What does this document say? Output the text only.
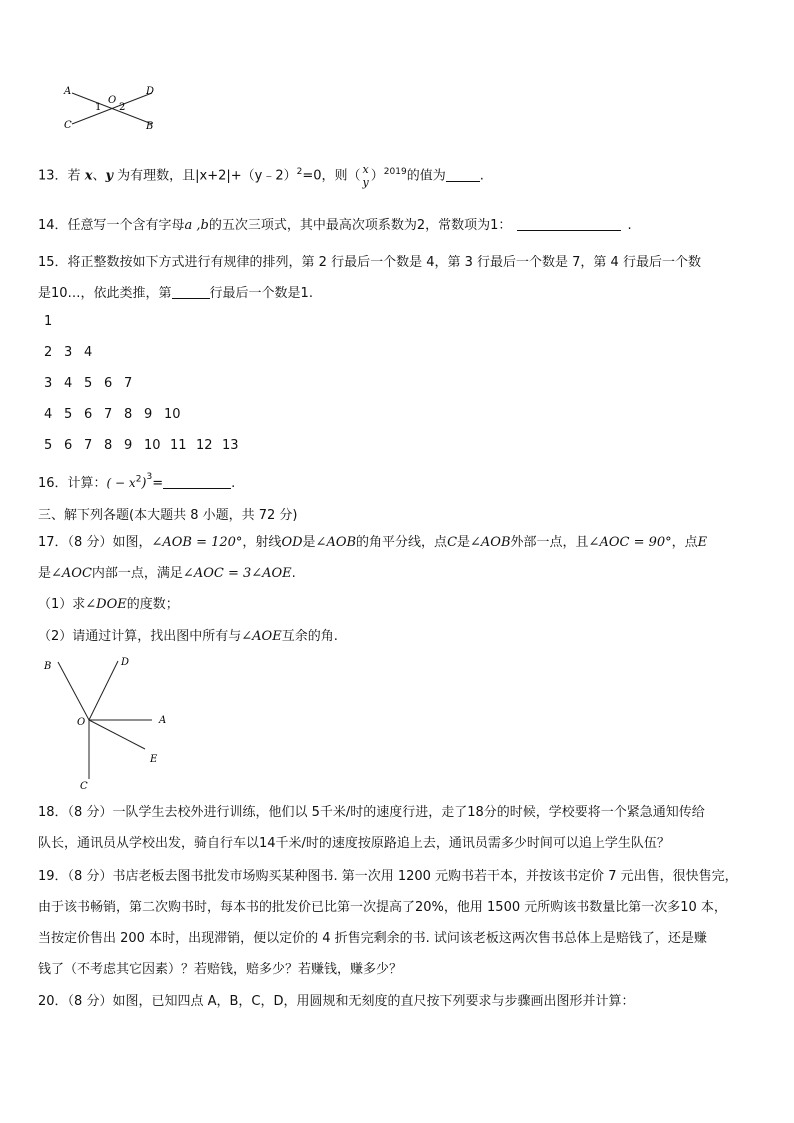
A	D
C	B
O
1 2
13．若 x、y 为有理数，且|x+2|+（y﹣2）$^2$=0，则（ x
y ）$^{2019}$的值为	.
14．任意写一个含有字母a ,b的五次三项式，其中最高次项系数为2，常数项为1：	.
15．将正整数按如下方式进行有规律的排列，第 2 行最后一个数是 4，第 3 行最后一个数是 7，第 4 行最后一个数
是10…，依此类推，第	行最后一个数是1.
1
2 3 4
3 4 5 6 7
4 5 6 7 8 9 10
5 6 7 8 9 10 11 12 13
16．计算：( − $x^2)^3=$	.
三、解下列各题(本大题共 8 小题，共 72 分)
17．（8 分）如图，∠AOB = 120°，射线OD是∠AOB的角平分线，点C是∠AOB外部一点，且∠AOC = 90°，点E
是∠AOC内部一点，满足∠AOC = 3∠AOE.
（1）求∠DOE的度数；
（2）请通过计算，找出图中所有与∠AOE互余的角.
B	D
O	A
E
C
18．（8 分）一队学生去校外进行训练，他们以 5千米/时的速度行进，走了18分的时候，学校要将一个紧急通知传给
队长，通讯员从学校出发，骑自行车以14千米/时的速度按原路追上去，通讯员需多少时间可以追上学生队伍？
19．（8 分）书店老板去图书批发市场购买某种图书. 第一次用 1200 元购书若干本，并按该书定价 7 元出售，很快售完，
由于该书畅销，第二次购书时，每本书的批发价已比第一次提高了20%，他用 1500 元所购该书数量比第一次多10 本，
当按定价售出 200 本时，出现滞销，便以定价的 4 折售完剩余的书. 试问该老板这两次售书总体上是赔钱了，还是赚
钱了（不考虑其它因素）？若赔钱，赔多少？若赚钱，赚多少？
20．（8 分）如图，已知四点 A，B，C，D，用圆规和无刻度的直尺按下列要求与步骤画出图形并计算：
